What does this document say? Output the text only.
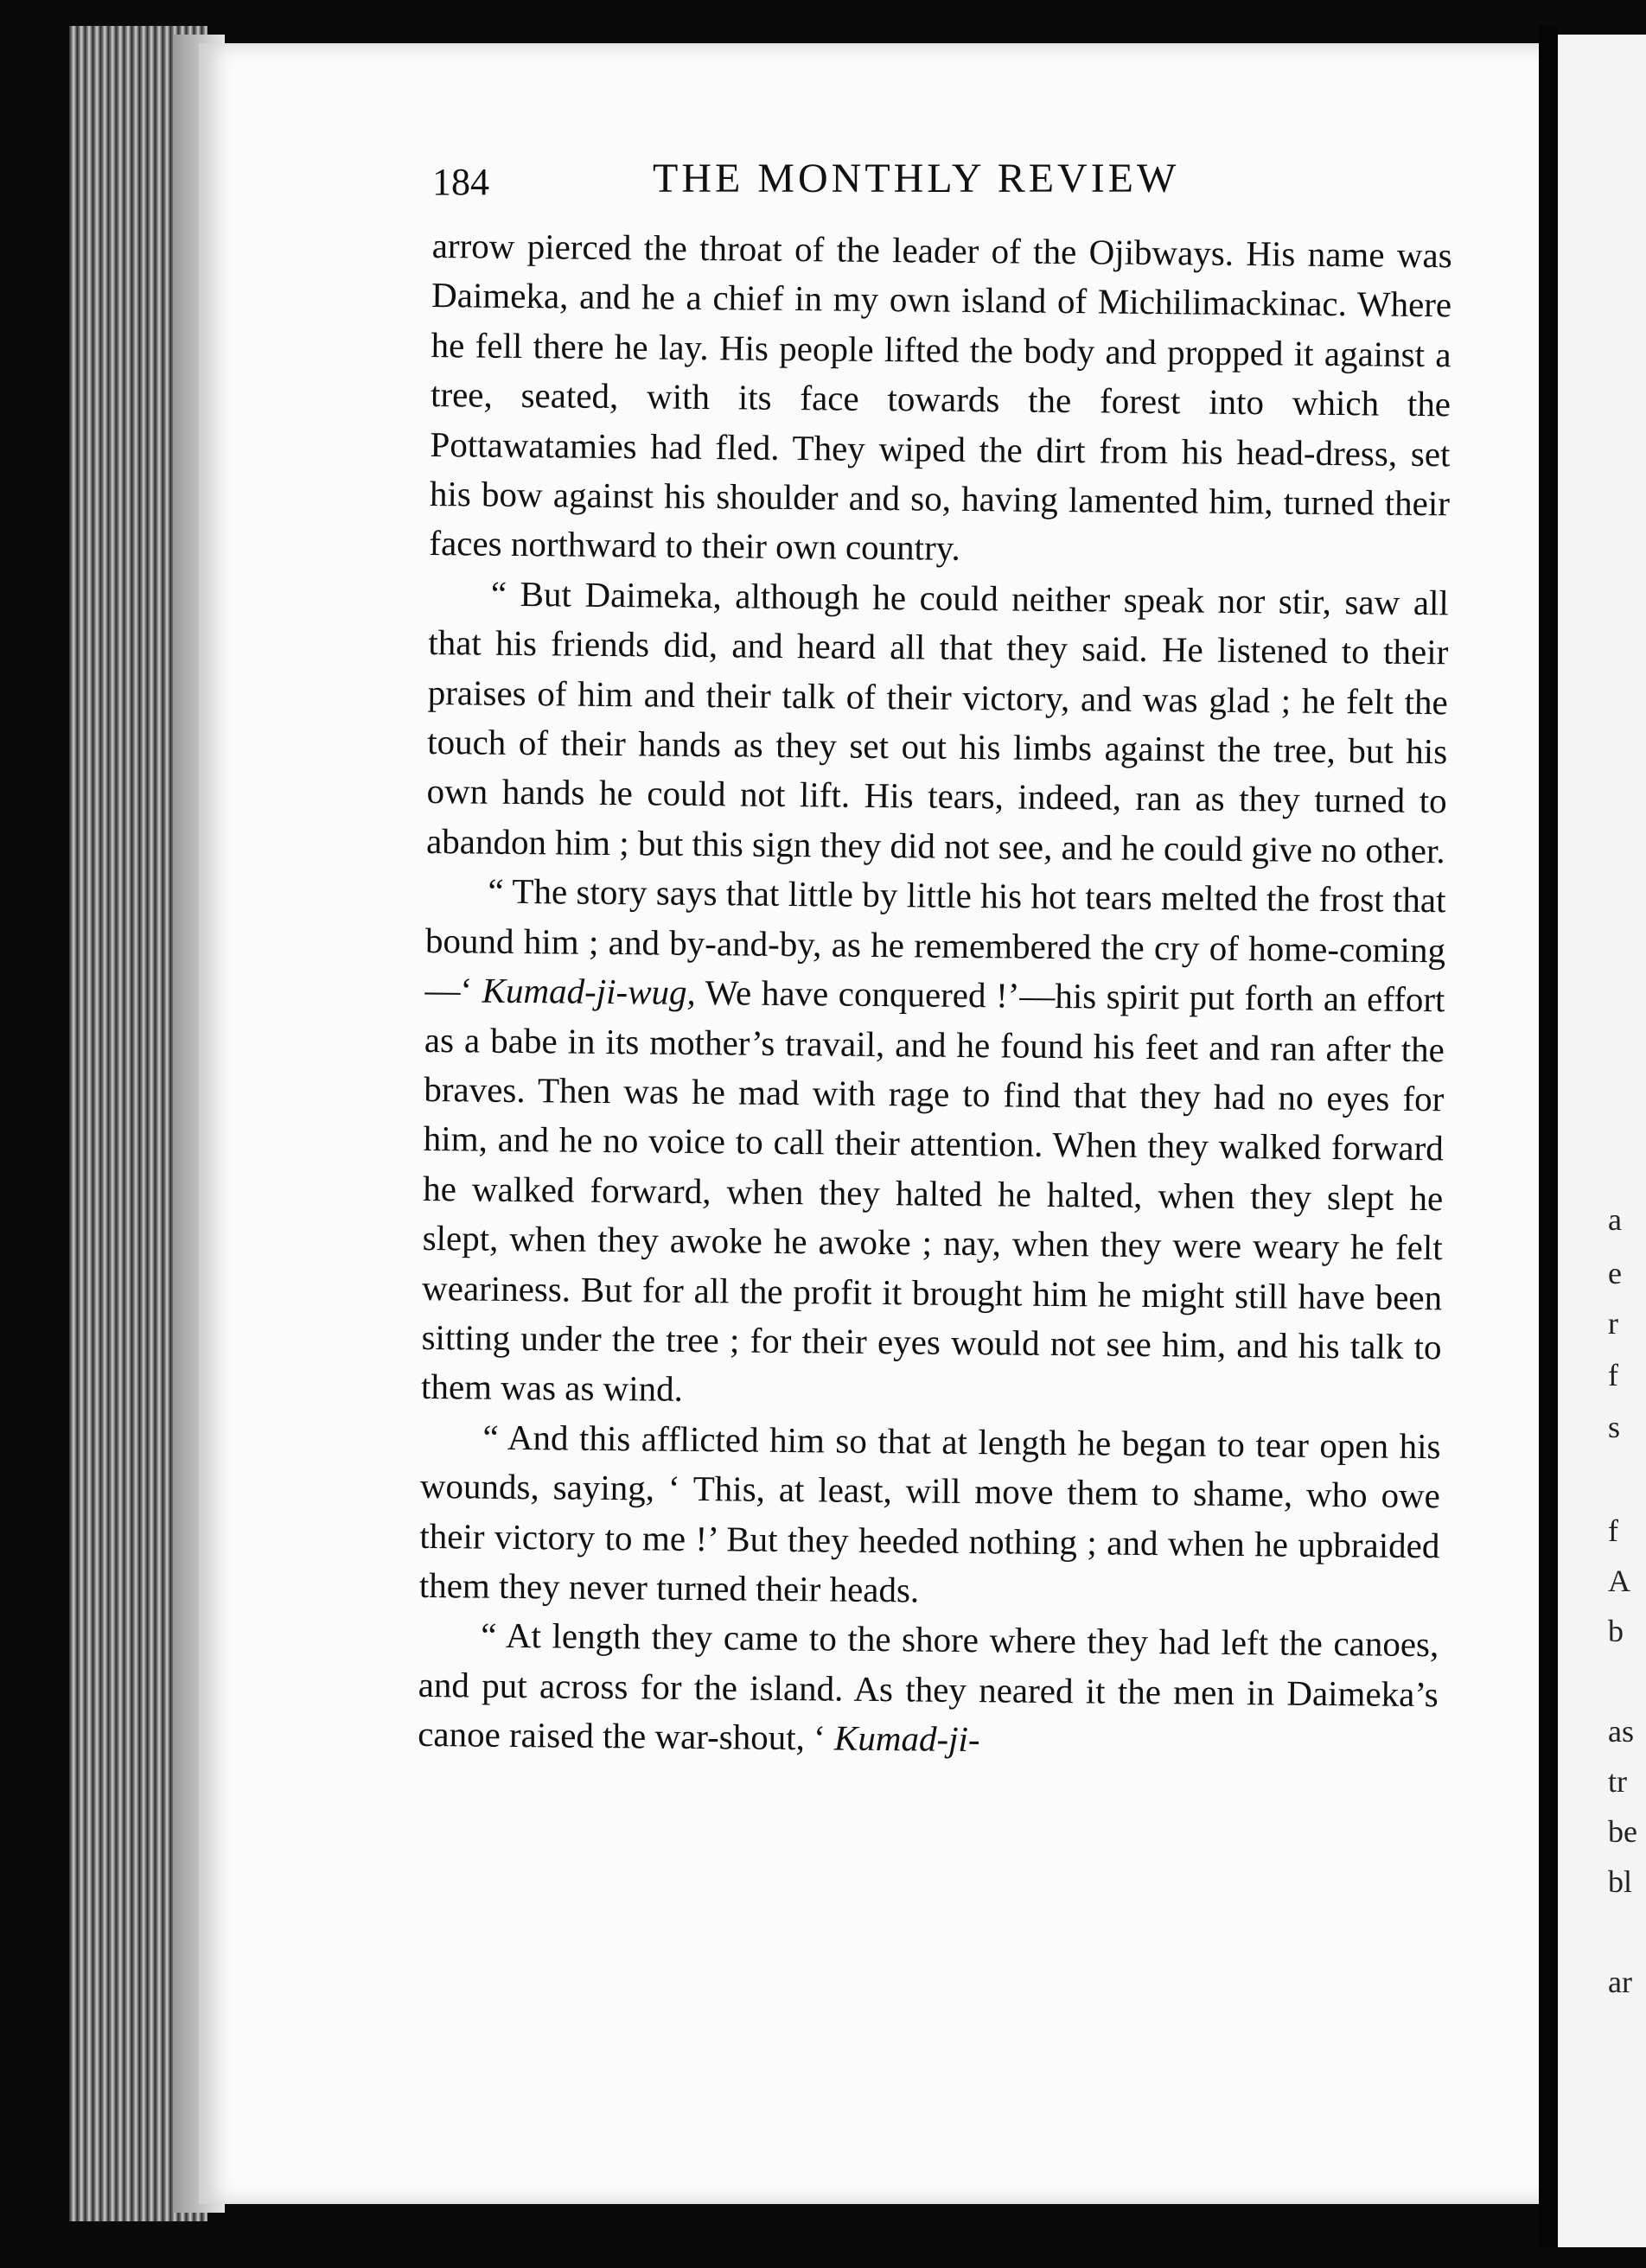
184	THE MONTHLY REVIEW

arrow pierced the throat of the leader of the Ojibways. His name was Daimeka, and he a chief in my own island of Michilimackinac. Where he fell there he lay. His people lifted the body and propped it against a tree, seated, with its face towards the forest into which the Pottawatamies had fled. They wiped the dirt from his head-dress, set his bow against his shoulder and so, having lamented him, turned their faces northward to their own country.

“ But Daimeka, although he could neither speak nor stir, saw all that his friends did, and heard all that they said. He listened to their praises of him and their talk of their victory, and was glad ; he felt the touch of their hands as they set out his limbs against the tree, but his own hands he could not lift. His tears, indeed, ran as they turned to abandon him ; but this sign they did not see, and he could give no other.

“ The story says that little by little his hot tears melted the frost that bound him ; and by-and-by, as he remembered the cry of home-coming—‘ Kumad-ji-wug, We have conquered !’—his spirit put forth an effort as a babe in its mother’s travail, and he found his feet and ran after the braves. Then was he mad with rage to find that they had no eyes for him, and he no voice to call their attention. When they walked forward he walked forward, when they halted he halted, when they slept he slept, when they awoke he awoke ; nay, when they were weary he felt weariness. But for all the profit it brought him he might still have been sitting under the tree ; for their eyes would not see him, and his talk to them was as wind.

“ And this afflicted him so that at length he began to tear open his wounds, saying, ‘ This, at least, will move them to shame, who owe their victory to me !’ But they heeded nothing ; and when he upbraided them they never turned their heads.

“ At length they came to the shore where they had left the canoes, and put across for the island. As they neared it the men in Daimeka’s canoe raised the war-shout, ‘ Kumad-ji-

a
e
r
f
s
f
A
b
as
tr
be
bl
ar
